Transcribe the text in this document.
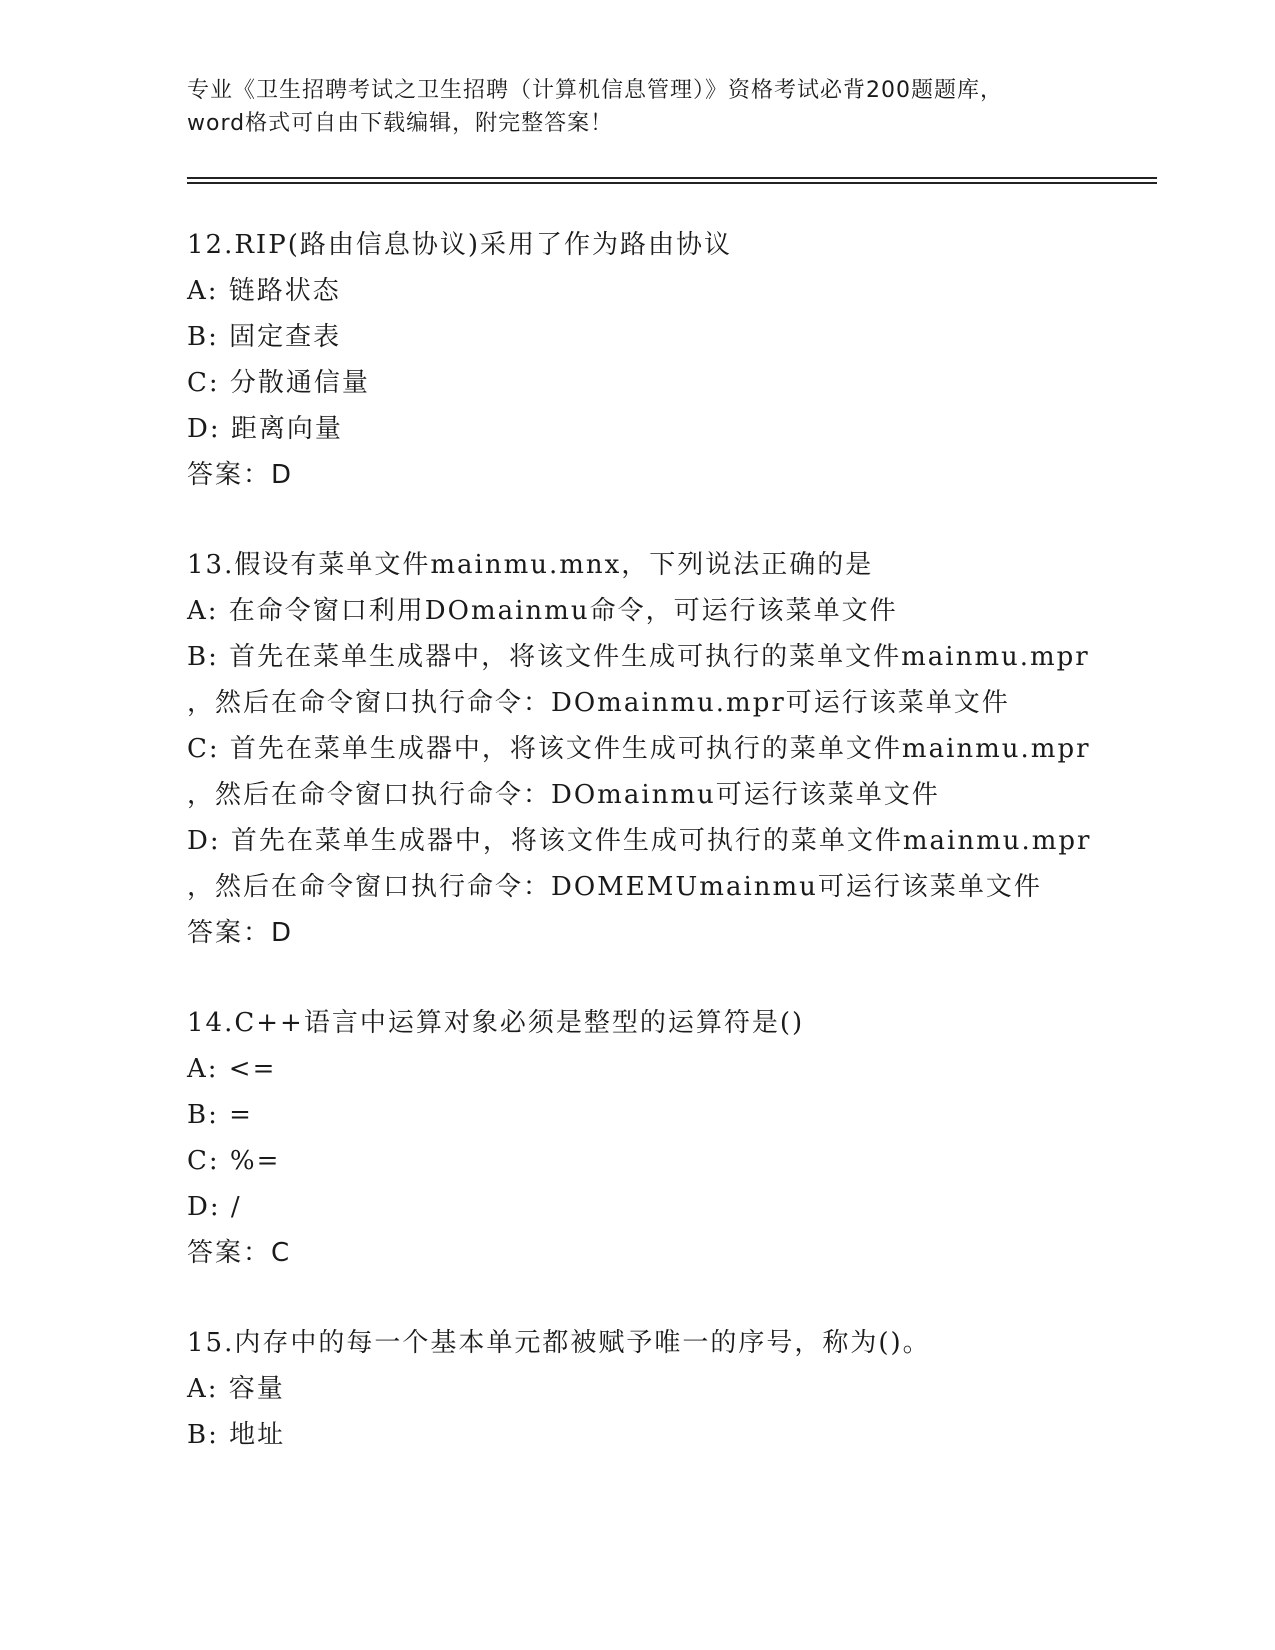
专业《卫生招聘考试之卫生招聘（计算机信息管理）》资格考试必背200题题库，
word格式可自由下载编辑，附完整答案！
12.RIP(路由信息协议)采用了作为路由协议
A: 链路状态
B: 固定查表
C: 分散通信量
D: 距离向量
答案：D
13.假设有菜单文件mainmu.mnx，下列说法正确的是
A: 在命令窗口利用DOmainmu命令，可运行该菜单文件
B: 首先在菜单生成器中，将该文件生成可执行的菜单文件mainmu.mpr
，然后在命令窗口执行命令：DOmainmu.mpr可运行该菜单文件
C: 首先在菜单生成器中，将该文件生成可执行的菜单文件mainmu.mpr
，然后在命令窗口执行命令：DOmainmu可运行该菜单文件
D: 首先在菜单生成器中，将该文件生成可执行的菜单文件mainmu.mpr
，然后在命令窗口执行命令：DOMEMUmainmu可运行该菜单文件
答案：D
14.C++语言中运算对象必须是整型的运算符是()
A: <=
B: =
C: %=
D: /
答案：C
15.内存中的每一个基本单元都被赋予唯一的序号，称为()。
A: 容量
B: 地址
